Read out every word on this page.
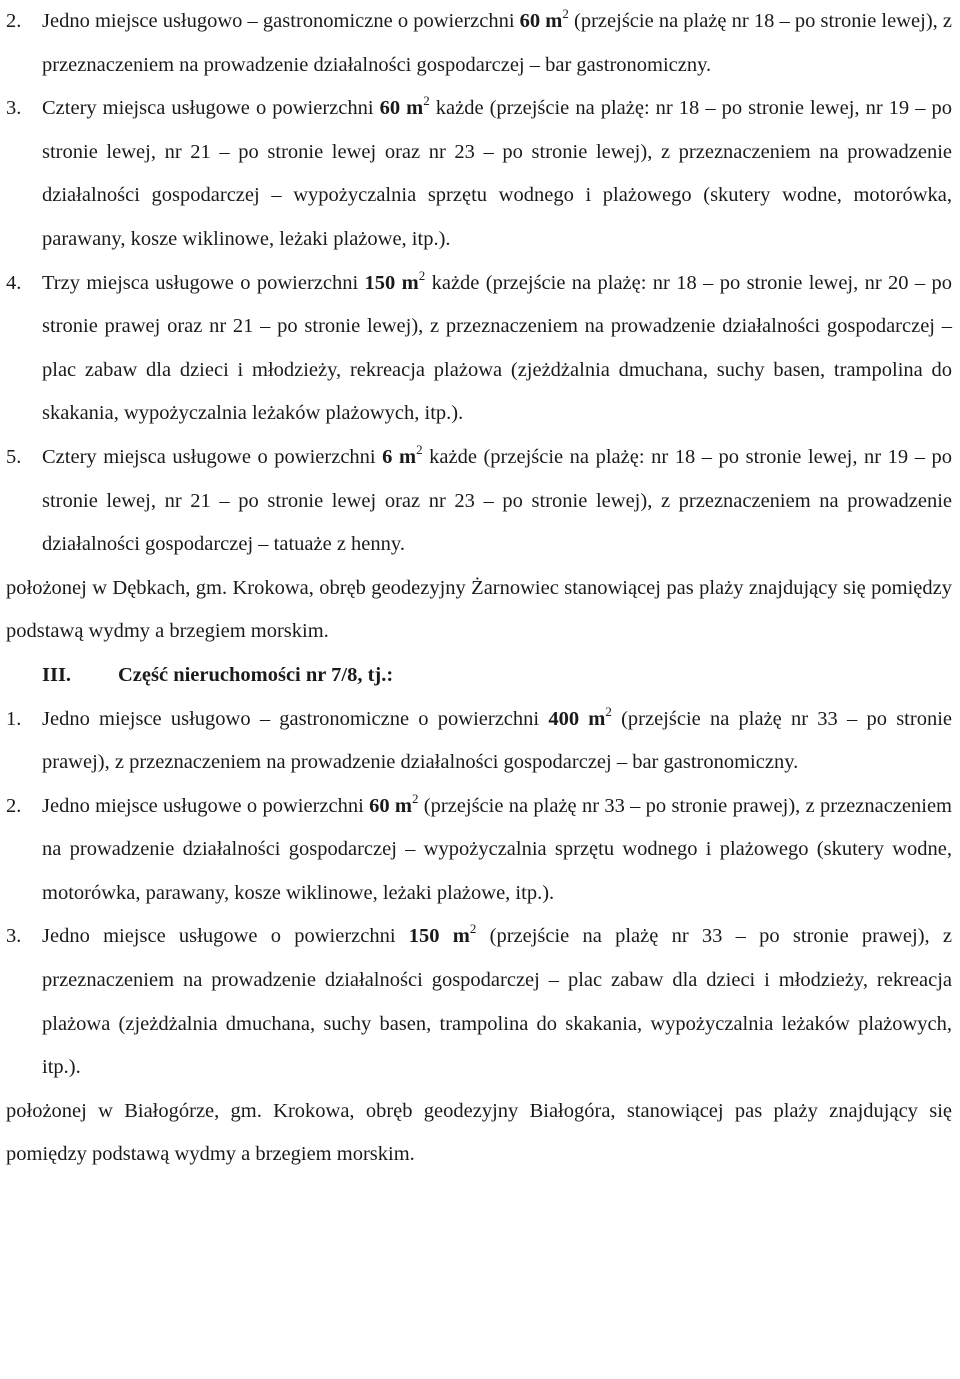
2. Jedno miejsce usługowo – gastronomiczne o powierzchni 60 $m^2$ (przejście na plażę nr 18 – po stronie lewej), z przeznaczeniem na prowadzenie działalności gospodarczej – bar gastronomiczny.
3. Cztery miejsca usługowe o powierzchni 60 $m^2$ każde (przejście na plażę: nr 18 – po stronie lewej, nr 19 – po stronie lewej, nr 21 – po stronie lewej oraz nr 23 – po stronie lewej), z przeznaczeniem na prowadzenie działalności gospodarczej – wypożyczalnia sprzętu wodnego i plażowego (skutery wodne, motorówka, parawany, kosze wiklinowe, leżaki plażowe, itp.).
4. Trzy miejsca usługowe o powierzchni 150 $m^2$ każde (przejście na plażę: nr 18 – po stronie lewej, nr 20 – po stronie prawej oraz nr 21 – po stronie lewej), z przeznaczeniem na prowadzenie działalności gospodarczej – plac zabaw dla dzieci i młodzieży, rekreacja plażowa (zjeżdżalnia dmuchana, suchy basen, trampolina do skakania, wypożyczalnia leżaków plażowych, itp.).
5. Cztery miejsca usługowe o powierzchni 6 $m^2$ każde (przejście na plażę: nr 18 – po stronie lewej, nr 19 – po stronie lewej, nr 21 – po stronie lewej oraz nr 23 – po stronie lewej), z przeznaczeniem na prowadzenie działalności gospodarczej – tatuaże z henny.
położonej w Dębkach, gm. Krokowa, obręb geodezyjny Żarnowiec stanowiącej pas plaży znajdujący się pomiędzy podstawą wydmy a brzegiem morskim.
III. Część nieruchomości nr 7/8, tj.:
1. Jedno miejsce usługowo – gastronomiczne o powierzchni 400 $m^2$ (przejście na plażę nr 33 – po stronie prawej), z przeznaczeniem na prowadzenie działalności gospodarczej – bar gastronomiczny.
2. Jedno miejsce usługowe o powierzchni 60 $m^2$ (przejście na plażę nr 33 – po stronie prawej), z przeznaczeniem na prowadzenie działalności gospodarczej – wypożyczalnia sprzętu wodnego i plażowego (skutery wodne, motorówka, parawany, kosze wiklinowe, leżaki plażowe, itp.).
3. Jedno miejsce usługowe o powierzchni 150 $m^2$ (przejście na plażę nr 33 – po stronie prawej), z przeznaczeniem na prowadzenie działalności gospodarczej – plac zabaw dla dzieci i młodzieży, rekreacja plażowa (zjeżdżalnia dmuchana, suchy basen, trampolina do skakania, wypożyczalnia leżaków plażowych, itp.).
położonej w Białogórze, gm. Krokowa, obręb geodezyjny Białogóra, stanowiącej pas plaży znajdujący się pomiędzy podstawą wydmy a brzegiem morskim.
